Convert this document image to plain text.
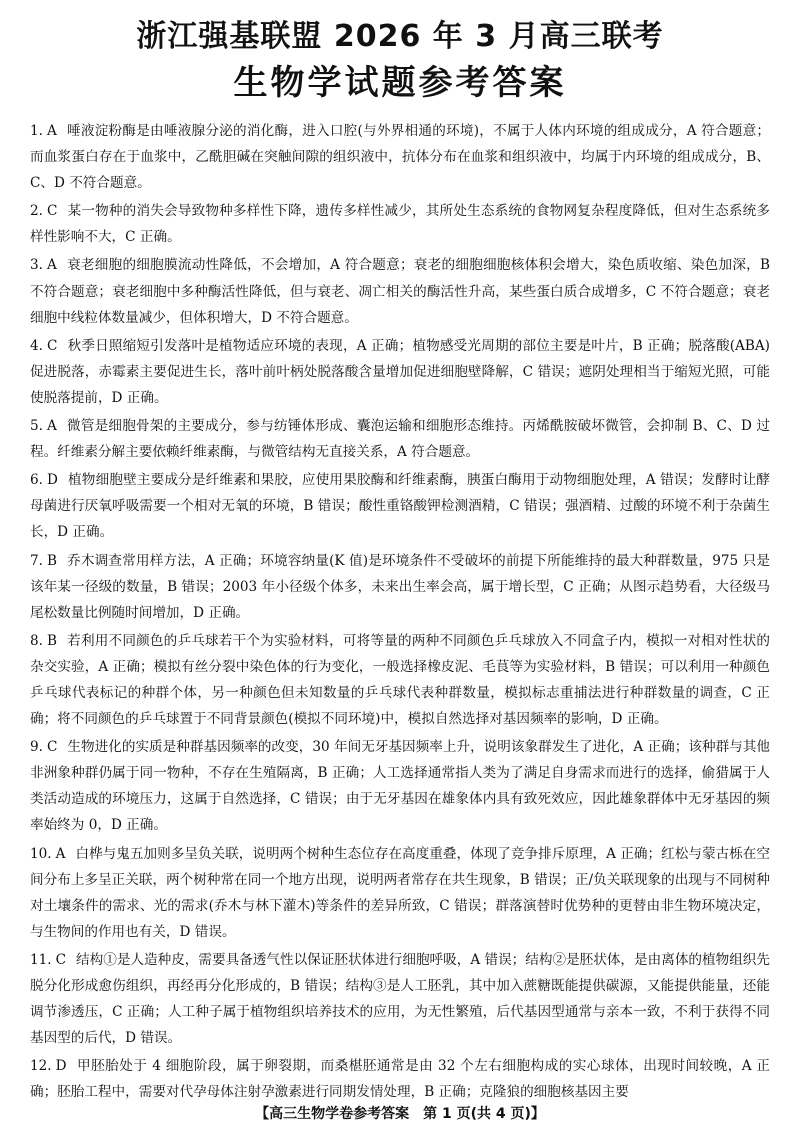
浙江强基联盟 2026 年 3 月高三联考
生物学试题参考答案

1. A 唾液淀粉酶是由唾液腺分泌的消化酶，进入口腔(与外界相通的环境)，不属于人体内环境的组成成分，A 符合题意；而血浆蛋白存在于血浆中，乙酰胆碱在突触间隙的组织液中，抗体分布在血浆和组织液中，均属于内环境的组成成分，B、C、D 不符合题意。

2. C 某一物种的消失会导致物种多样性下降，遗传多样性减少，其所处生态系统的食物网复杂程度降低，但对生态系统多样性影响不大，C 正确。

3. A 衰老细胞的细胞膜流动性降低，不会增加，A 符合题意；衰老的细胞细胞核体积会增大，染色质收缩、染色加深，B 不符合题意；衰老细胞中多种酶活性降低，但与衰老、凋亡相关的酶活性升高，某些蛋白质合成增多，C 不符合题意；衰老细胞中线粒体数量减少，但体积增大，D 不符合题意。

4. C 秋季日照缩短引发落叶是植物适应环境的表现，A 正确；植物感受光周期的部位主要是叶片，B 正确；脱落酸(ABA)促进脱落，赤霉素主要促进生长，落叶前叶柄处脱落酸含量增加促进细胞壁降解，C 错误；遮阴处理相当于缩短光照，可能使脱落提前，D 正确。

5. A 微管是细胞骨架的主要成分，参与纺锤体形成、囊泡运输和细胞形态维持。丙烯酰胺破坏微管，会抑制 B、C、D 过程。纤维素分解主要依赖纤维素酶，与微管结构无直接关系，A 符合题意。

6. D 植物细胞壁主要成分是纤维素和果胶，应使用果胶酶和纤维素酶，胰蛋白酶用于动物细胞处理，A 错误；发酵时让酵母菌进行厌氧呼吸需要一个相对无氧的环境，B 错误；酸性重铬酸钾检测酒精，C 错误；强酒精、过酸的环境不利于杂菌生长，D 正确。

7. B 乔木调查常用样方法，A 正确；环境容纳量(K 值)是环境条件不受破坏的前提下所能维持的最大种群数量，975 只是该年某一径级的数量，B 错误；2003 年小径级个体多，未来出生率会高，属于增长型，C 正确；从图示趋势看，大径级马尾松数量比例随时间增加，D 正确。

8. B 若利用不同颜色的乒乓球若干个为实验材料，可将等量的两种不同颜色乒乓球放入不同盒子内，模拟一对相对性状的杂交实验，A 正确；模拟有丝分裂中染色体的行为变化，一般选择橡皮泥、毛茛等为实验材料，B 错误；可以利用一种颜色乒乓球代表标记的种群个体，另一种颜色但未知数量的乒乓球代表种群数量，模拟标志重捕法进行种群数量的调查，C 正确；将不同颜色的乒乓球置于不同背景颜色(模拟不同环境)中，模拟自然选择对基因频率的影响，D 正确。

9. C 生物进化的实质是种群基因频率的改变，30 年间无牙基因频率上升，说明该象群发生了进化，A 正确；该种群与其他非洲象种群仍属于同一物种，不存在生殖隔离，B 正确；人工选择通常指人类为了满足自身需求而进行的选择，偷猎属于人类活动造成的环境压力，这属于自然选择，C 错误；由于无牙基因在雄象体内具有致死效应，因此雄象群体中无牙基因的频率始终为 0，D 正确。

10. A 白桦与鬼五加则多呈负关联，说明两个树种生态位存在高度重叠，体现了竞争排斥原理，A 正确；红松与蒙古栎在空间分布上多呈正关联，两个树种常在同一个地方出现，说明两者常存在共生现象，B 错误；正/负关联现象的出现与不同树种对土壤条件的需求、光的需求(乔木与林下灌木)等条件的差异所致，C 错误；群落演替时优势种的更替由非生物环境决定，与生物间的作用也有关，D 错误。

11. C 结构①是人造种皮，需要具备透气性以保证胚状体进行细胞呼吸，A 错误；结构②是胚状体，是由离体的植物组织先脱分化形成愈伤组织，再经再分化形成的，B 错误；结构③是人工胚乳，其中加入蔗糖既能提供碳源，又能提供能量，还能调节渗透压，C 正确；人工种子属于植物组织培养技术的应用，为无性繁殖，后代基因型通常与亲本一致，不利于获得不同基因型的后代，D 错误。

12. D 甲胚胎处于 4 细胞阶段，属于卵裂期，而桑椹胚通常是由 32 个左右细胞构成的实心球体，出现时间较晚，A 正确；胚胎工程中，需要对代孕母体注射孕激素进行同期发情处理，B 正确；克隆狼的细胞核基因主要

【高三生物学卷参考答案　第 1 页(共 4 页)】
